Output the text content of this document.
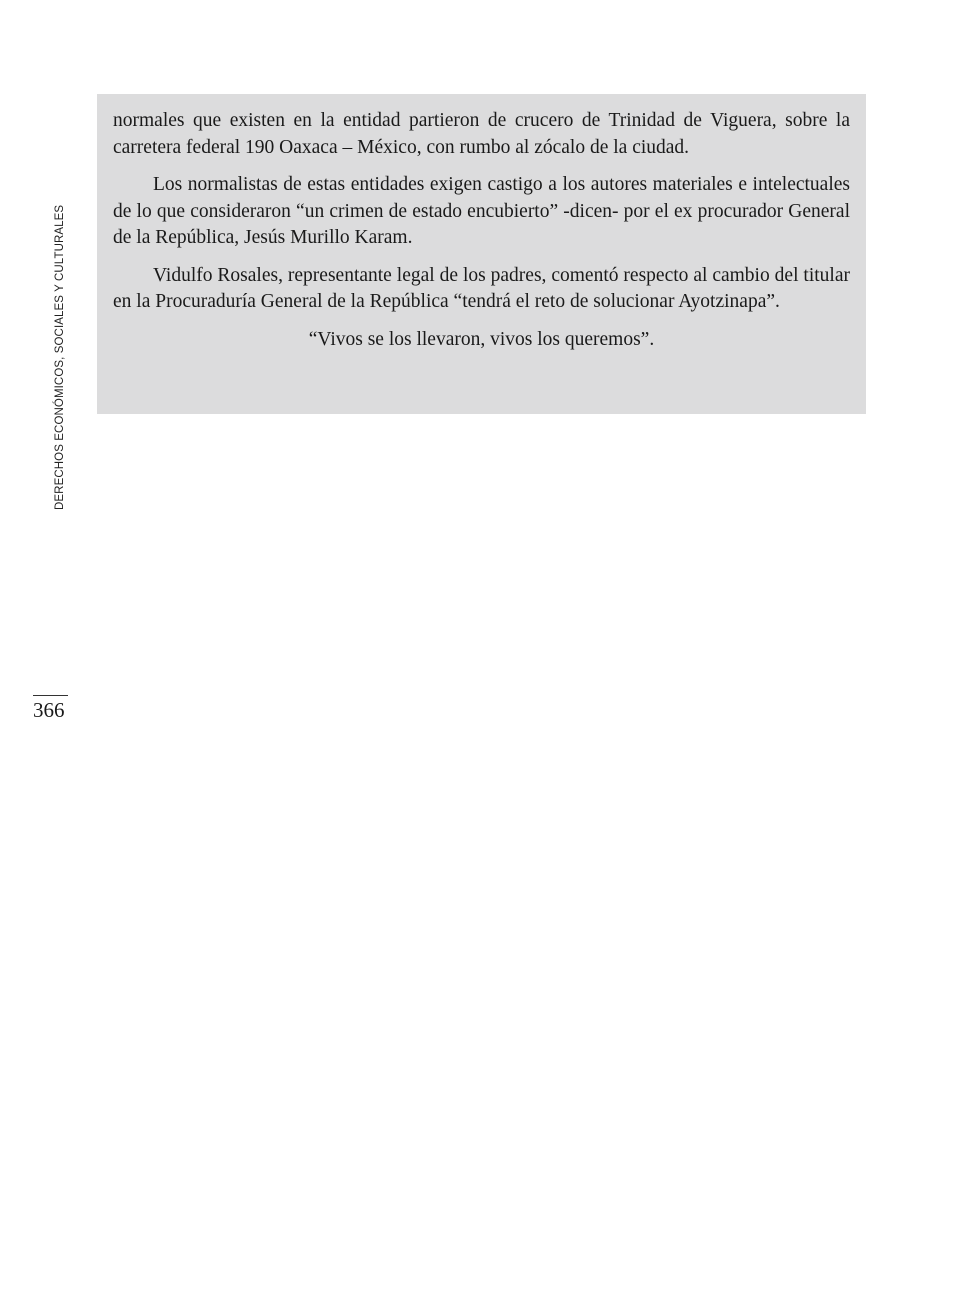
DERECHOS ECONÓMICOS, SOCIALES Y CULTURALES

normales que existen en la entidad partieron de crucero de Trinidad de Viguera, sobre la carretera federal 190 Oaxaca – México, con rumbo al zócalo de la ciudad.

Los normalistas de estas entidades exigen castigo a los autores materiales e intelectuales de lo que consideraron “un crimen de estado encubierto” -dicen- por el ex procurador General de la República, Jesús Murillo Karam.

Vidulfo Rosales, representante legal de los padres, comentó respecto al cambio del titular en la Procuraduría General de la República “tendrá el reto de solucionar Ayotzinapa”.

“Vivos se los llevaron, vivos los queremos”.

366
